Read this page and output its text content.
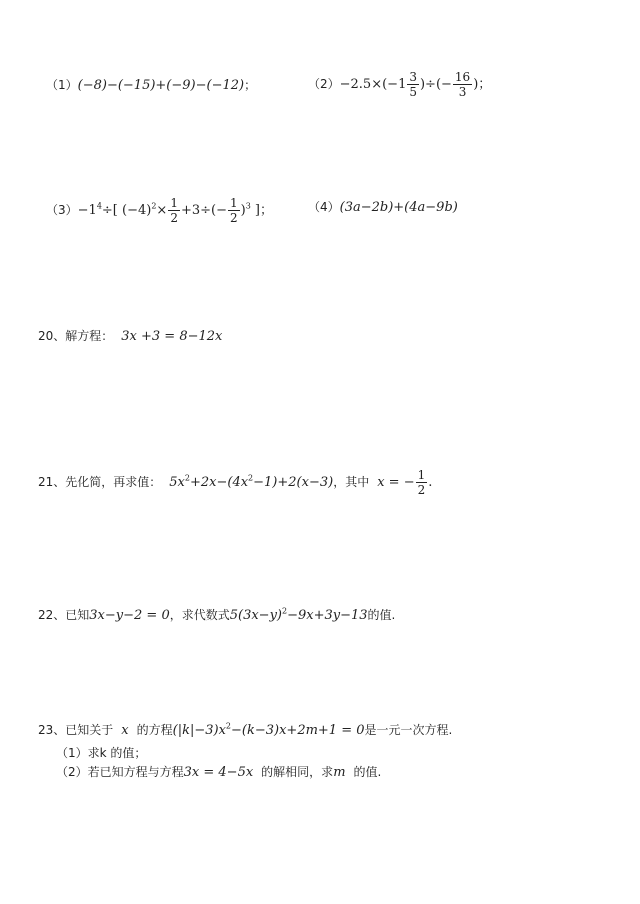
（1）(−8)−(−15)+(−9)−(−12)；	$(2)-2.5\times(-1 \frac{3}{5}$ )÷(− $\frac{16}{3}$ )；
$(3)-1^4\div$[ $(-4)^2\times \frac{1}{2} +3\div(- \frac{1}{2} )^3$ ]；	（4）(3a−2b)+(4a−9b)
20、解方程： 3x +3 = 8−12x
21、先化简，再求值： $5x^2+2x-(4x^2-1)+2(x-3)$，其中 x = − $\frac{1}{2}$ .
22、已知3x−y−2 = 0，求代数式$5(3x-y)^2-9x+3y-13$的值.
23、已知关于 x 的方程$(|k|-3)x^2-(k-3)x+2m+1 = 0$是一元一次方程.
（1）求k 的值；
（2）若已知方程与方程3x = 4−5x 的解相同，求m 的值.
